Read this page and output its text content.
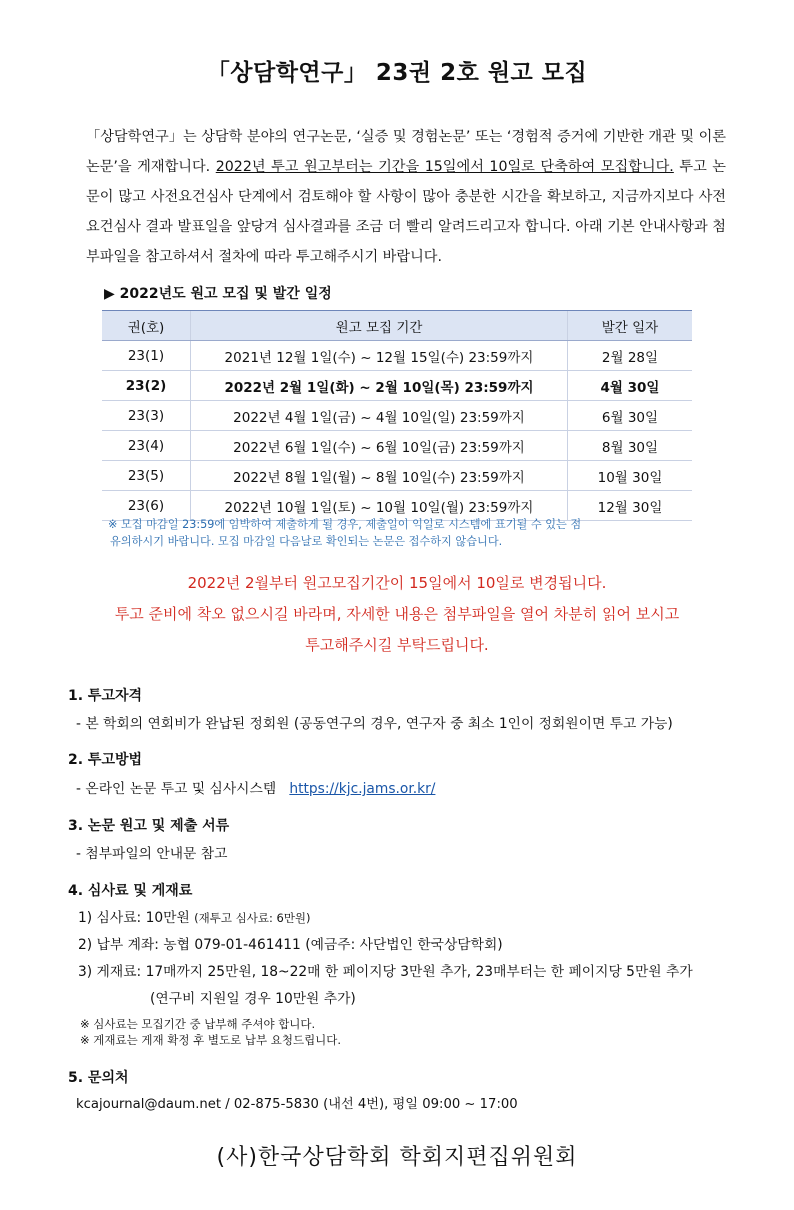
「상담학연구」 23권 2호 원고 모집
「상담학연구」는 상담학 분야의 연구논문, ‘실증 및 경험논문’ 또는 ‘경험적 증거에 기반한 개관 및 이론 논문’을 게재합니다. 2022년 투고 원고부터는 기간을 15일에서 10일로 단축하여 모집합니다. 투고 논문이 많고 사전요건심사 단계에서 검토해야 할 사항이 많아 충분한 시간을 확보하고, 지금까지보다 사전요건심사 결과 발표일을 앞당겨 심사결과를 조금 더 빨리 알려드리고자 합니다. 아래 기본 안내사항과 첨부파일을 참고하셔서 절차에 따라 투고해주시기 바랍니다.
▶ 2022년도 원고 모집 및 발간 일정
권(호)	원고 모집 기간	발간 일자
23(1)	2021년 12월 1일(수) ~ 12월 15일(수) 23:59까지	2월 28일
23(2)	2022년 2월 1일(화) ~ 2월 10일(목) 23:59까지	4월 30일
23(3)	2022년 4월 1일(금) ~ 4월 10일(일) 23:59까지	6월 30일
23(4)	2022년 6월 1일(수) ~ 6월 10일(금) 23:59까지	8월 30일
23(5)	2022년 8월 1일(월) ~ 8월 10일(수) 23:59까지	10월 30일
23(6)	2022년 10월 1일(토) ~ 10월 10일(월) 23:59까지	12월 30일
※ 모집 마감일 23:59에 임박하여 제출하게 될 경우, 제출일이 익일로 시스템에 표기될 수 있는 점
유의하시기 바랍니다. 모집 마감일 다음날로 확인되는 논문은 접수하지 않습니다.
2022년 2월부터 원고모집기간이 15일에서 10일로 변경됩니다.
투고 준비에 착오 없으시길 바라며, 자세한 내용은 첨부파일을 열어 차분히 읽어 보시고
투고해주시길 부탁드립니다.
1. 투고자격
- 본 학회의 연회비가 완납된 정회원 (공동연구의 경우, 연구자 중 최소 1인이 정회원이면 투고 가능)
2. 투고방법
- 온라인 논문 투고 및 심사시스템 https://kjc.jams.or.kr/
3. 논문 원고 및 제출 서류
- 첨부파일의 안내문 참고
4. 심사료 및 게재료
1) 심사료: 10만원 (재투고 심사료: 6만원)
2) 납부 계좌: 농협 079-01-461411 (예금주: 사단법인 한국상담학회)
3) 게재료: 17매까지 25만원, 18~22매 한 페이지당 3만원 추가, 23매부터는 한 페이지당 5만원 추가
(연구비 지원일 경우 10만원 추가)
※ 심사료는 모집기간 중 납부해 주셔야 합니다.
※ 게재료는 게재 확정 후 별도로 납부 요청드립니다.
5. 문의처
kcajournal@daum.net / 02-875-5830 (내선 4번), 평일 09:00 ~ 17:00
(사)한국상담학회 학회지편집위원회
